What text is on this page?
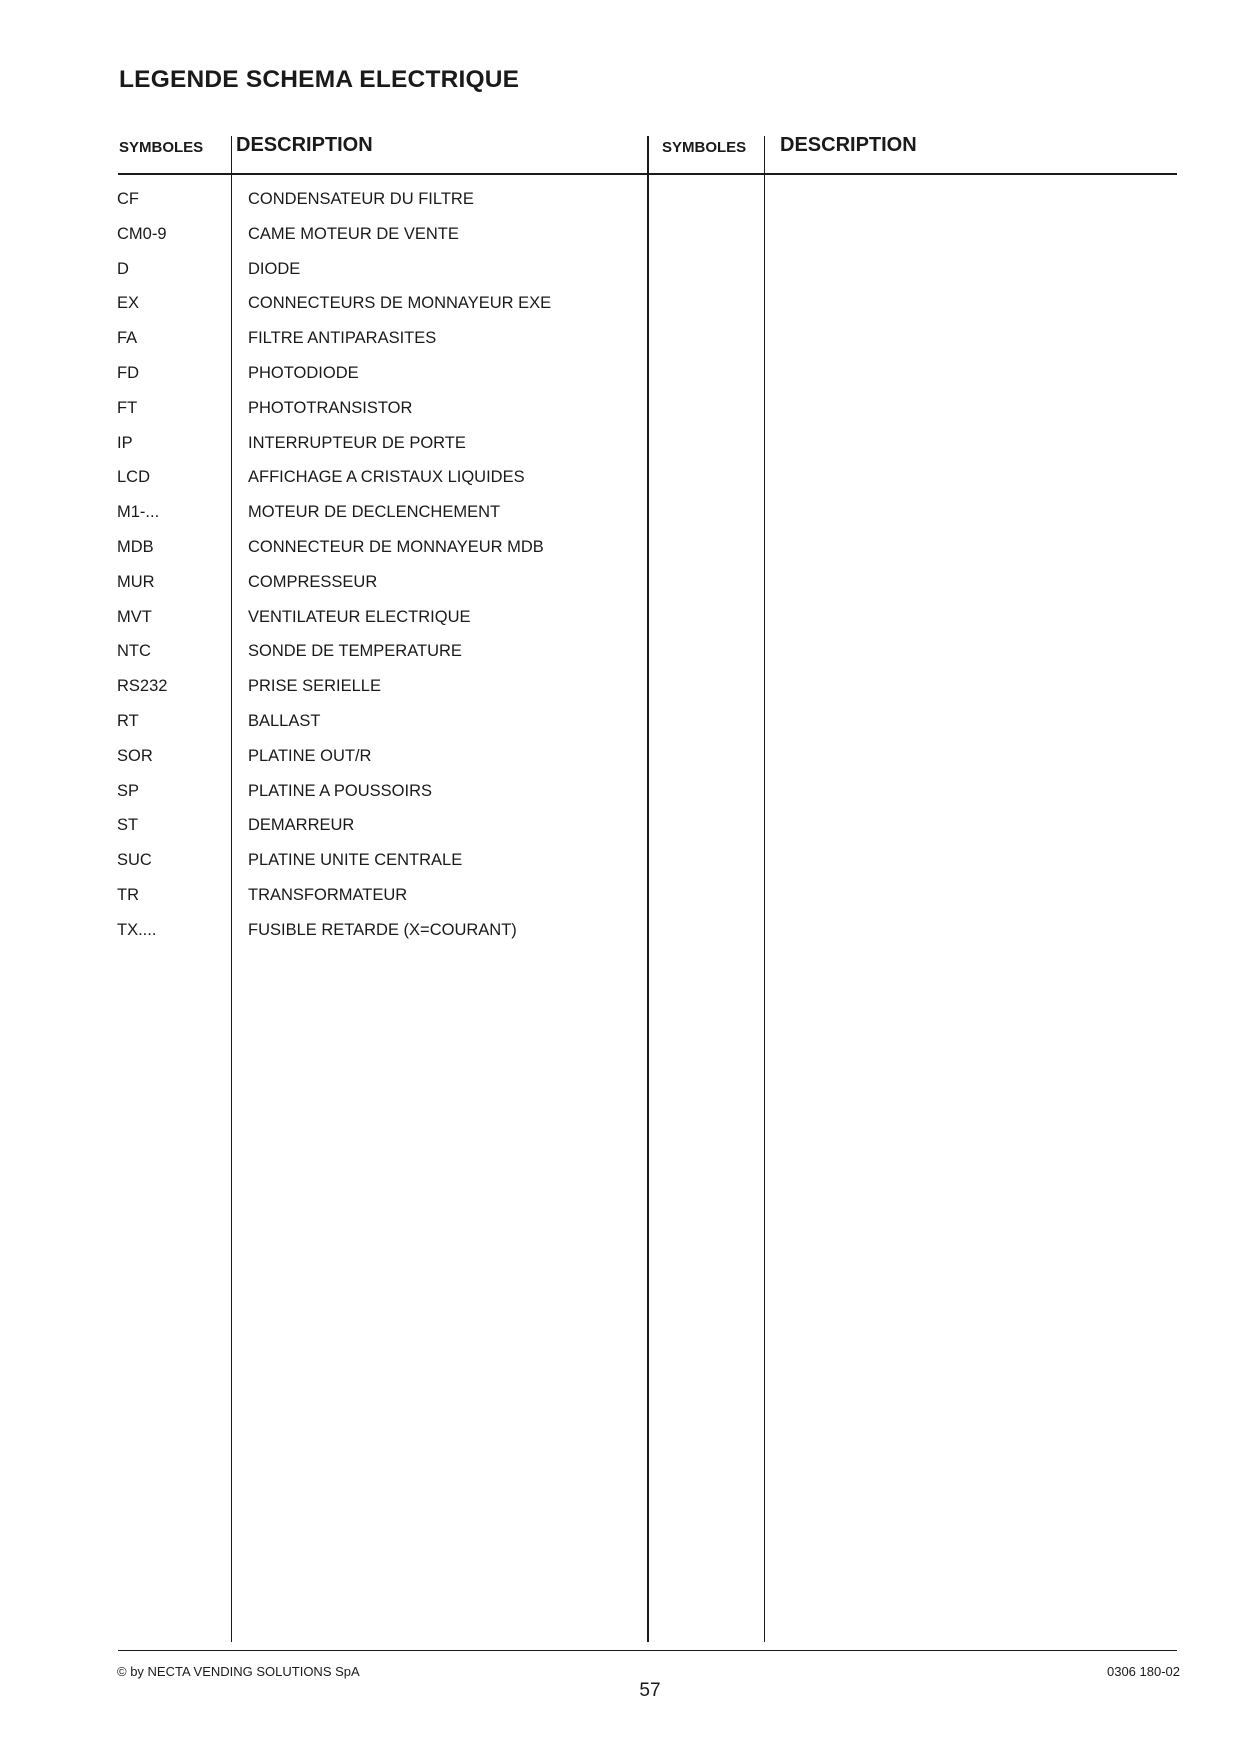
LEGENDE SCHEMA ELECTRIQUE
SYMBOLES DESCRIPTION	SYMBOLES DESCRIPTION
CF	CONDENSATEUR DU FILTRE
CM0-9	CAME MOTEUR DE VENTE
D	DIODE
EX	CONNECTEURS DE MONNAYEUR EXE
FA	FILTRE ANTIPARASITES
FD	PHOTODIODE
FT	PHOTOTRANSISTOR
IP	INTERRUPTEUR DE PORTE
LCD	AFFICHAGE A CRISTAUX LIQUIDES
M1-...	MOTEUR DE DECLENCHEMENT
MDB	CONNECTEUR DE MONNAYEUR MDB
MUR	COMPRESSEUR
MVT	VENTILATEUR ELECTRIQUE
NTC	SONDE DE TEMPERATURE
RS232	PRISE SERIELLE
RT	BALLAST
SOR	PLATINE OUT/R
SP	PLATINE A POUSSOIRS
ST	DEMARREUR
SUC	PLATINE UNITE CENTRALE
TR	TRANSFORMATEUR
TX....	FUSIBLE RETARDE (X=COURANT)
© by NECTA VENDING SOLUTIONS SpA	0306 180-02
57
